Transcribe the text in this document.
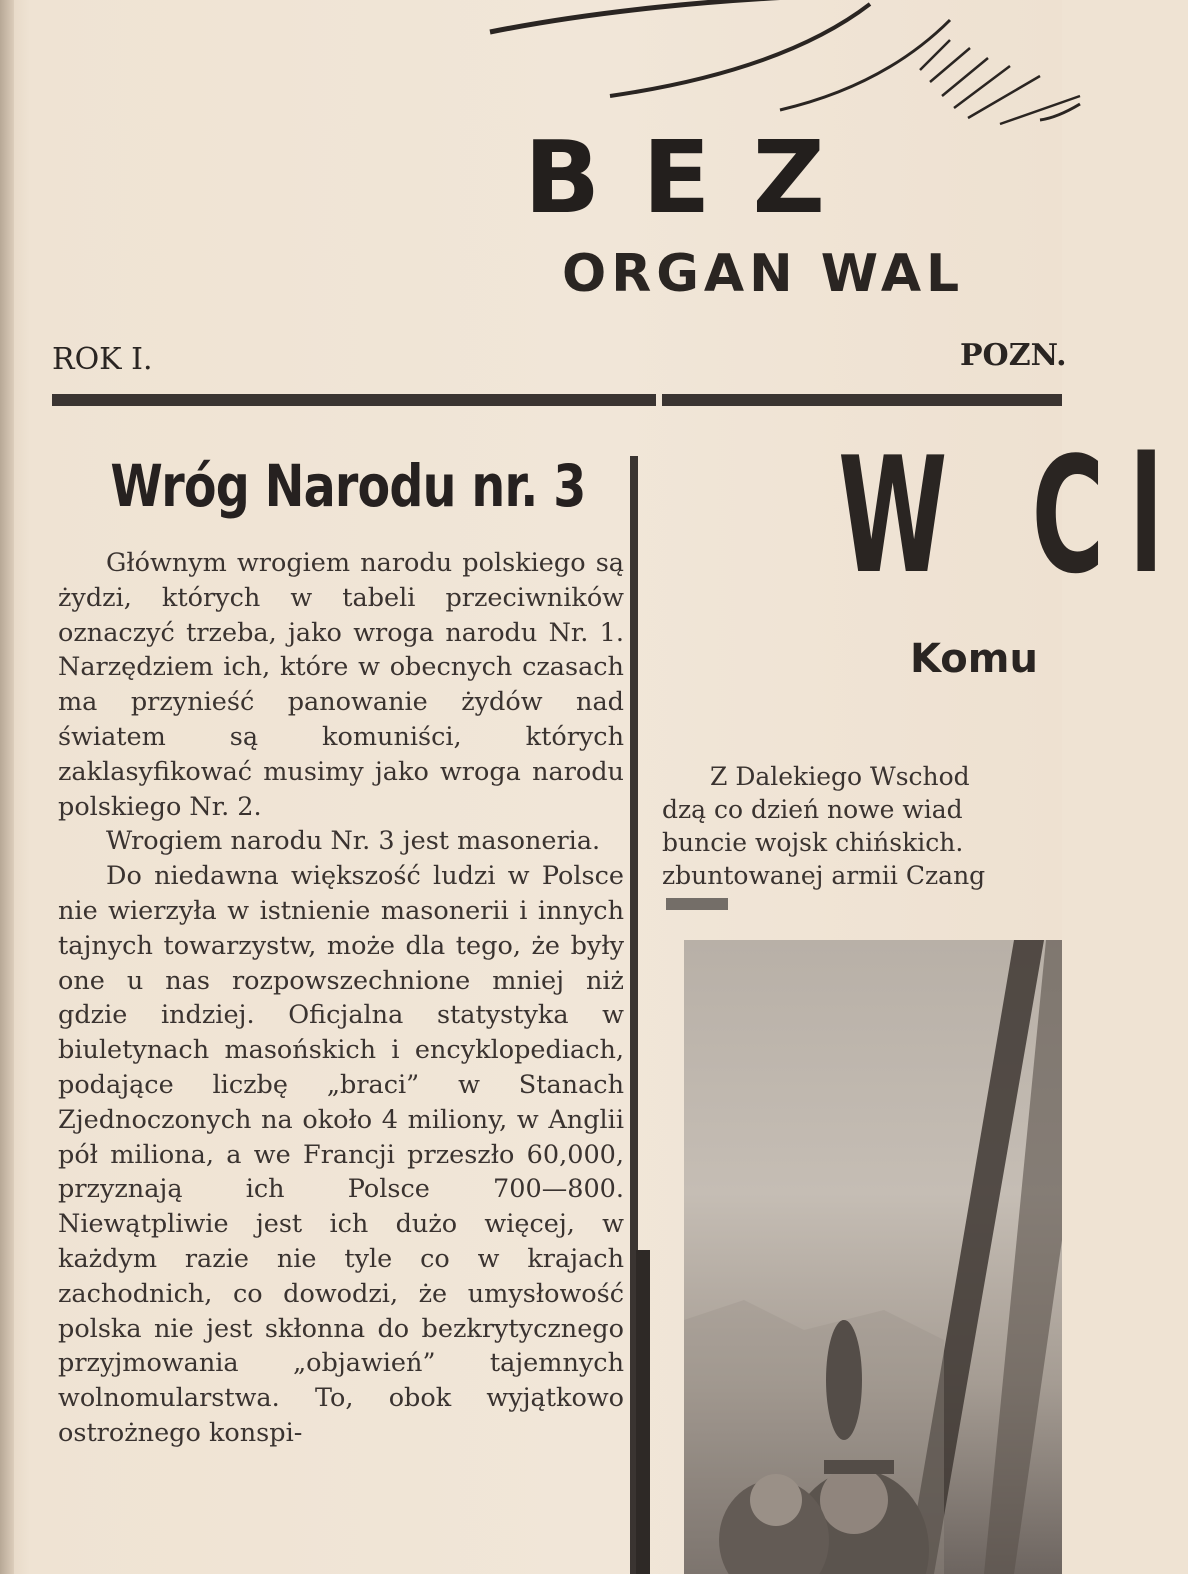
BEZ
ORGAN WAL
ROK I.	POZN.
Wróg Narodu nr. 3

Głównym wrogiem narodu polskiego są żydzi, których w tabeli przeciwników oznaczyć trzeba, jako wroga narodu Nr. 1. Narzędziem ich, które w obecnych czasach ma przynieść panowanie żydów nad światem są komuniści, których zaklasyfikować musimy jako wroga narodu polskiego Nr. 2.

Wrogiem narodu Nr. 3 jest masoneria.

Do niedawna większość ludzi w Polsce nie wierzyła w istnienie masonerii i innych tajnych towarzystw, może dla tego, że były one u nas rozpowszechnione mniej niż gdzie indziej. Oficjalna statystyka w biuletynach masońskich i encyklopediach, podające liczbę „braci” w Stanach Zjednoczonych na około 4 miliony, w Anglii pół miliona, a we Francji przeszło 60,000, przyznają ich Polsce 700—800. Niewątpliwie jest ich dużo więcej, w każdym razie nie tyle co w krajach zachodnich, co dowodzi, że umysłowość polska nie jest skłonna do bezkrytycznego przyjmowania „objawień” tajemnych wolnomularstwa. To, obok wyjątkowo ostrożnego konspi-

W Cl
Komu
Z Dalekiego Wschod
dzą co dzień nowe wiad
buncie wojsk chińskich.
zbuntowanej armii Czang
